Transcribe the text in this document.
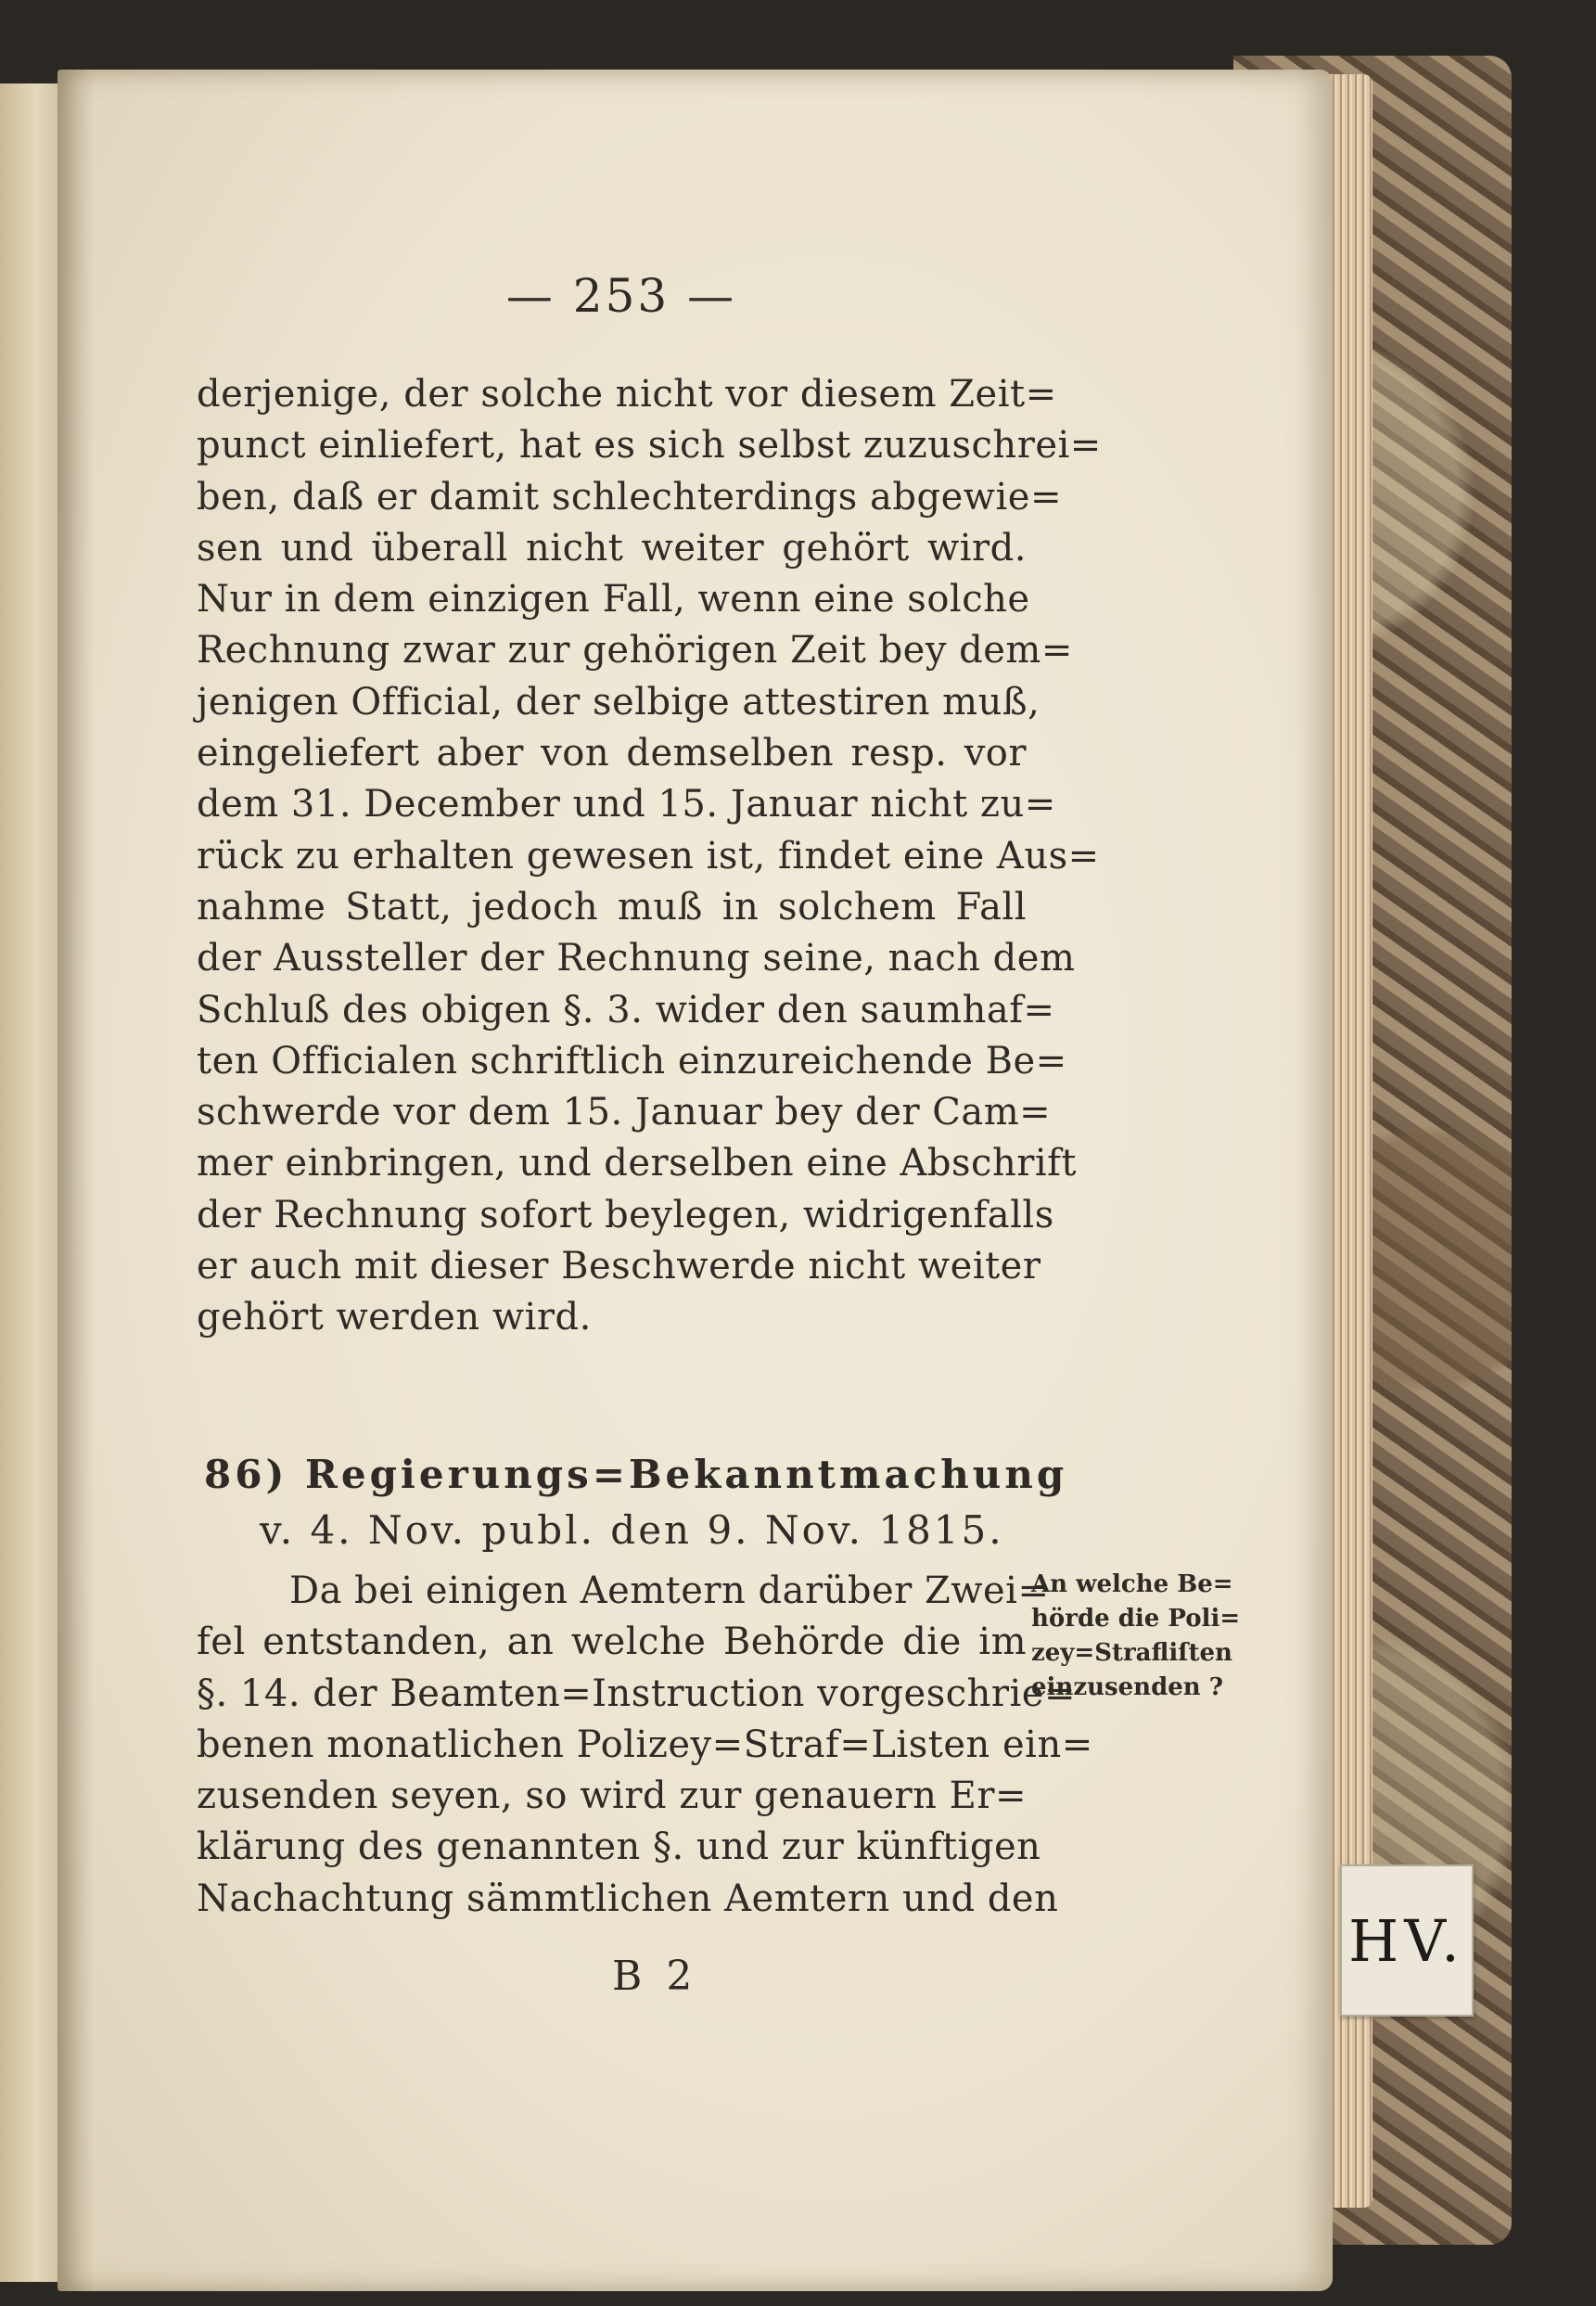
HV.
— 253 —
derjenige, der solche nicht vor diesem Zeit=
punct einliefert, hat es sich selbst zuzuschrei=
ben, daß er damit schlechterdings abgewie=
sen und überall nicht weiter gehört wird.
Nur in dem einzigen Fall, wenn eine solche
Rechnung zwar zur gehörigen Zeit bey dem=
jenigen Official, der selbige attestiren muß,
eingeliefert aber von demselben resp. vor
dem 31. December und 15. Januar nicht zu=
rück zu erhalten gewesen ist, findet eine Aus=
nahme Statt, jedoch muß in solchem Fall
der Aussteller der Rechnung seine, nach dem
Schluß des obigen §. 3. wider den saumhaf=
ten Officialen schriftlich einzureichende Be=
schwerde vor dem 15. Januar bey der Cam=
mer einbringen, und derselben eine Abschrift
der Rechnung sofort beylegen, widrigenfalls
er auch mit dieser Beschwerde nicht weiter
gehört werden wird.
86) Regierungs=Bekanntmachung
v. 4. Nov. publ. den 9. Nov. 1815.
Da bei einigen Aemtern darüber Zwei=
fel entstanden, an welche Behörde die im
§. 14. der Beamten=Instruction vorgeschrie=
benen monatlichen Polizey=Straf=Listen ein=
zusenden seyen, so wird zur genauern Er=
klärung des genannten §. und zur künftigen
Nachachtung sämmtlichen Aemtern und den
An welche Be=
hörde die Poli=
zey=Strafliſten
einzusenden ?
B 2
